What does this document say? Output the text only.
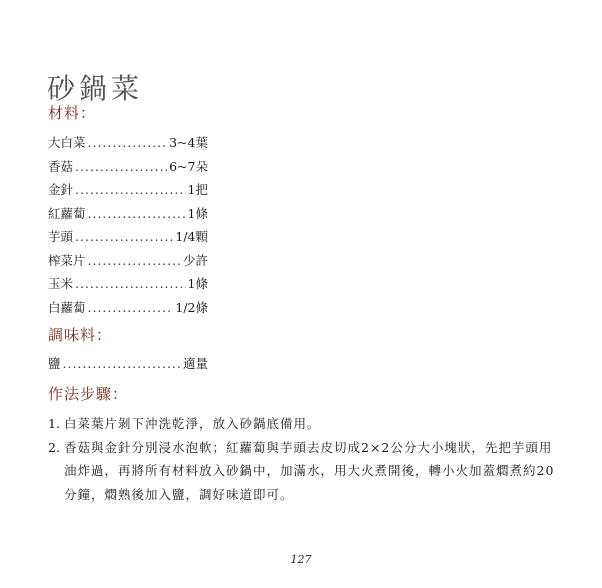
砂鍋菜
材料：
大白菜 .....	3~4葉
香菇 .....	6~7朵
金針 .....	1把
紅蘿蔔 .....	1條
芋頭 .....	1/4顆
榨菜片 .....	少許
玉米 .....	1條
白蘿蔔 .....	1/2條
調味料：
鹽 .....	適量
作法步驟：
1. 白菜葉片剝下沖洗乾淨，放入砂鍋底備用。
2. 香菇與金針分別浸水泡軟；紅蘿蔔與芋頭去皮切成2×2公分大小塊狀，先把芋頭用油炸過，再將所有材料放入砂鍋中，加滿水，用大火煮開後，轉小火加蓋燜煮約20分鐘，燜熟後加入鹽，調好味道即可。
127
